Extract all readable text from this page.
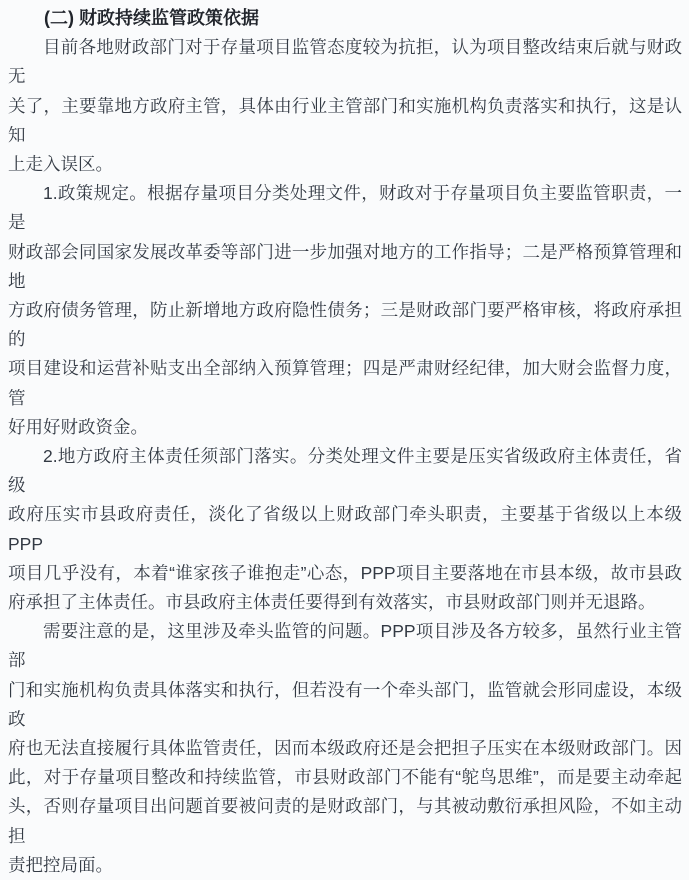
(二) 财政持续监管政策依据
目前各地财政部门对于存量项目监管态度较为抗拒，认为项目整改结束后就与财政无
关了，主要靠地方政府主管，具体由行业主管部门和实施机构负责落实和执行，这是认知
上走入误区。
1.政策规定。根据存量项目分类处理文件，财政对于存量项目负主要监管职责，一是
财政部会同国家发展改革委等部门进一步加强对地方的工作指导；二是严格预算管理和地
方政府债务管理，防止新增地方政府隐性债务；三是财政部门要严格审核，将政府承担的
项目建设和运营补贴支出全部纳入预算管理；四是严肃财经纪律，加大财会监督力度，管
好用好财政资金。
2.地方政府主体责任须部门落实。分类处理文件主要是压实省级政府主体责任，省级
政府压实市县政府责任，淡化了省级以上财政部门牵头职责，主要基于省级以上本级PPP
项目几乎没有，本着“谁家孩子谁抱走”心态，PPP项目主要落地在市县本级，故市县政
府承担了主体责任。市县政府主体责任要得到有效落实，市县财政部门则并无退路。
需要注意的是，这里涉及牵头监管的问题。PPP项目涉及各方较多，虽然行业主管部
门和实施机构负责具体落实和执行，但若没有一个牵头部门，监管就会形同虚设，本级政
府也无法直接履行具体监管责任，因而本级政府还是会把担子压实在本级财政部门。因
此，对于存量项目整改和持续监管，市县财政部门不能有“鸵鸟思维”，而是要主动牵起
头，否则存量项目出问题首要被问责的是财政部门，与其被动敷衍承担风险，不如主动担
责把控局面。
